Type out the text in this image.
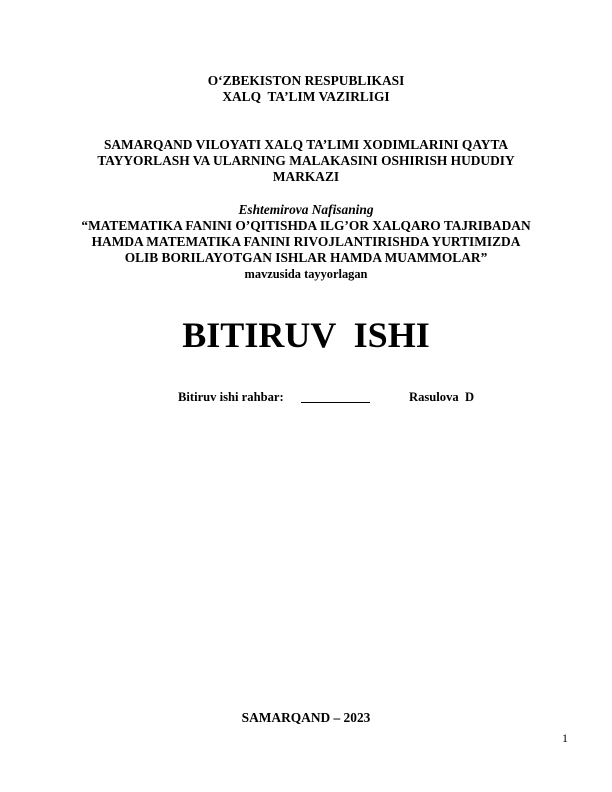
O‘ZBEKISTON RESPUBLIKASI
XALQ  TA’LIM VAZIRLIGI
SAMARQAND VILOYATI XALQ TA’LIMI XODIMLARINI QAYTA
TAYYORLASH VA ULARNING MALAKASINI OSHIRISH HUDUDIY
MARKAZI
Eshtemirova Nafisaning
“MATEMATIKA FANINI O’QITISHDA ILG’OR XALQARO TAJRIBADAN
HAMDA MATEMATIKA FANINI RIVOJLANTIRISHDA YURTIMIZDA
OLIB BORILAYOTGAN ISHLAR HAMDA MUAMMOLAR”
mavzusida tayyorlagan
BITIRUV  ISHI
Bitiruv ishi rahbar:	Rasulova  D
SAMARQAND – 2023
1
